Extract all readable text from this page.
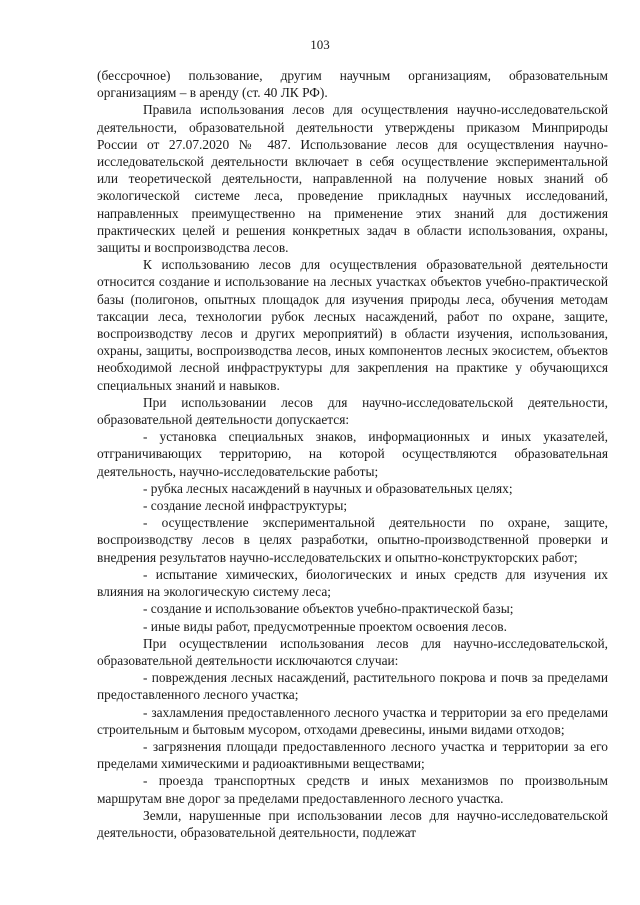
103

(бессрочное) пользование, другим научным организациям, образовательным организациям – в аренду (ст. 40 ЛК РФ).

Правила использования лесов для осуществления научно-исследовательской деятельности, образовательной деятельности утверждены приказом Минприроды России от 27.07.2020 № 487. Использование лесов для осуществления научно-исследовательской деятельности включает в себя осуществление экспериментальной или теоретической деятельности, направленной на получение новых знаний об экологической системе леса, проведение прикладных научных исследований, направленных преимущественно на применение этих знаний для достижения практических целей и решения конкретных задач в области использования, охраны, защиты и воспроизводства лесов.

К использованию лесов для осуществления образовательной деятельности относится создание и использование на лесных участках объектов учебно-практической базы (полигонов, опытных площадок для изучения природы леса, обучения методам таксации леса, технологии рубок лесных насаждений, работ по охране, защите, воспроизводству лесов и других мероприятий) в области изучения, использования, охраны, защиты, воспроизводства лесов, иных компонентов лесных экосистем, объектов необходимой лесной инфраструктуры для закрепления на практике у обучающихся специальных знаний и навыков.

При использовании лесов для научно-исследовательской деятельности, образовательной деятельности допускается:

- установка специальных знаков, информационных и иных указателей, отграничивающих территорию, на которой осуществляются образовательная деятельность, научно-исследовательские работы;

- рубка лесных насаждений в научных и образовательных целях;

- создание лесной инфраструктуры;

- осуществление экспериментальной деятельности по охране, защите, воспроизводству лесов в целях разработки, опытно-производственной проверки и внедрения результатов научно-исследовательских и опытно-конструкторских работ;

- испытание химических, биологических и иных средств для изучения их влияния на экологическую систему леса;

- создание и использование объектов учебно-практической базы;

- иные виды работ, предусмотренные проектом освоения лесов.

При осуществлении использования лесов для научно-исследовательской, образовательной деятельности исключаются случаи:

- повреждения лесных насаждений, растительного покрова и почв за пределами предоставленного лесного участка;

- захламления предоставленного лесного участка и территории за его пределами строительным и бытовым мусором, отходами древесины, иными видами отходов;

- загрязнения площади предоставленного лесного участка и территории за его пределами химическими и радиоактивными веществами;

- проезда транспортных средств и иных механизмов по произвольным маршрутам вне дорог за пределами предоставленного лесного участка.

Земли, нарушенные при использовании лесов для научно-исследовательской деятельности, образовательной деятельности, подлежат
